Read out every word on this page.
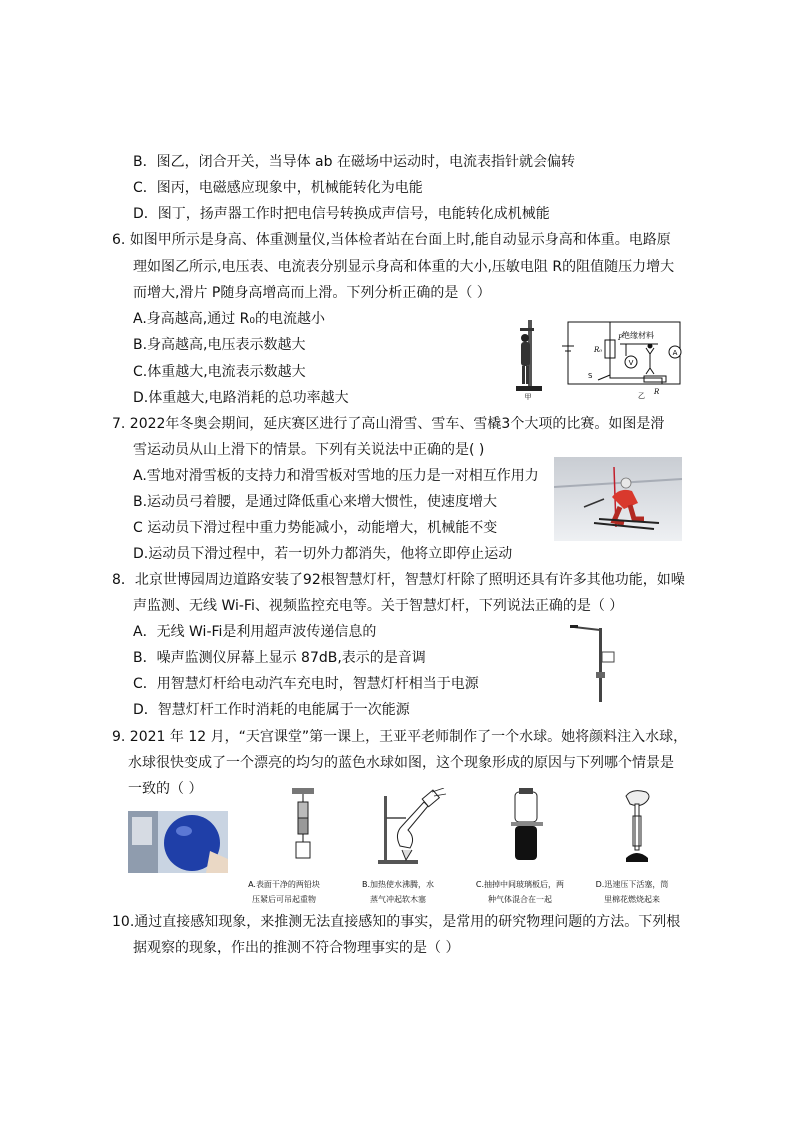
B．图乙，闭合开关，当导体 ab 在磁场中运动时，电流表指针就会偏转
C．图丙，电磁感应现象中，机械能转化为电能
D．图丁，扬声器工作时把电信号转换成声信号，电能转化成机械能
6. 如图甲所示是身高、体重测量仪,当体检者站在台面上时,能自动显示身高和体重。电路原
理如图乙所示,电压表、电流表分别显示身高和体重的大小,压敏电阻 R的阻值随压力增大
而增大,滑片 P随身高增高而上滑。下列分析正确的是（ ）
A.身高越高,通过 R₀的电流越小
B.身高越高,电压表示数越大
C.体重越大,电流表示数越大
D.体重越大,电路消耗的总功率越大	甲
绝缘材料
P
R₀
V
A
S
R
乙
7. 2022年冬奥会期间，延庆赛区进行了高山滑雪、雪车、雪橇3个大项的比赛。如图是滑
雪运动员从山上滑下的情景。下列有关说法中正确的是( )
A.雪地对滑雪板的支持力和滑雪板对雪地的压力是一对相互作用力
B.运动员弓着腰，是通过降低重心来增大惯性，使速度增大
C 运动员下滑过程中重力势能减小，动能增大，机械能不变
D.运动员下滑过程中，若一切外力都消失，他将立即停止运动
8．北京世博园周边道路安装了92根智慧灯杆，智慧灯杆除了照明还具有许多其他功能，如噪
声监测、无线 Wi-Fi、视频监控充电等。关于智慧灯杆，下列说法正确的是（ ）
A．无线 Wi-Fi是利用超声波传递信息的
B．噪声监测仪屏幕上显示 87dB,表示的是音调
C．用智慧灯杆给电动汽车充电时，智慧灯杆相当于电源
D．智慧灯杆工作时消耗的电能属于一次能源
9. 2021 年 12 月，“天宫课堂”第一课上，王亚平老师制作了一个水球。她将颜料注入水球，
水球很快变成了一个漂亮的均匀的蓝色水球如图，这个现象形成的原因与下列哪个情景是
一致的（ ）
A.表面干净的两铅块
压紧后可吊起重物
B.加热使水沸腾，水
蒸气冲起软木塞
C.抽掉中间玻璃板后，两
种气体混合在一起
D.迅速压下活塞，筒
里棉花燃烧起来
10.通过直接感知现象，来推测无法直接感知的事实，是常用的研究物理问题的方法。下列根
据观察的现象，作出的推测不符合物理事实的是（ ）
